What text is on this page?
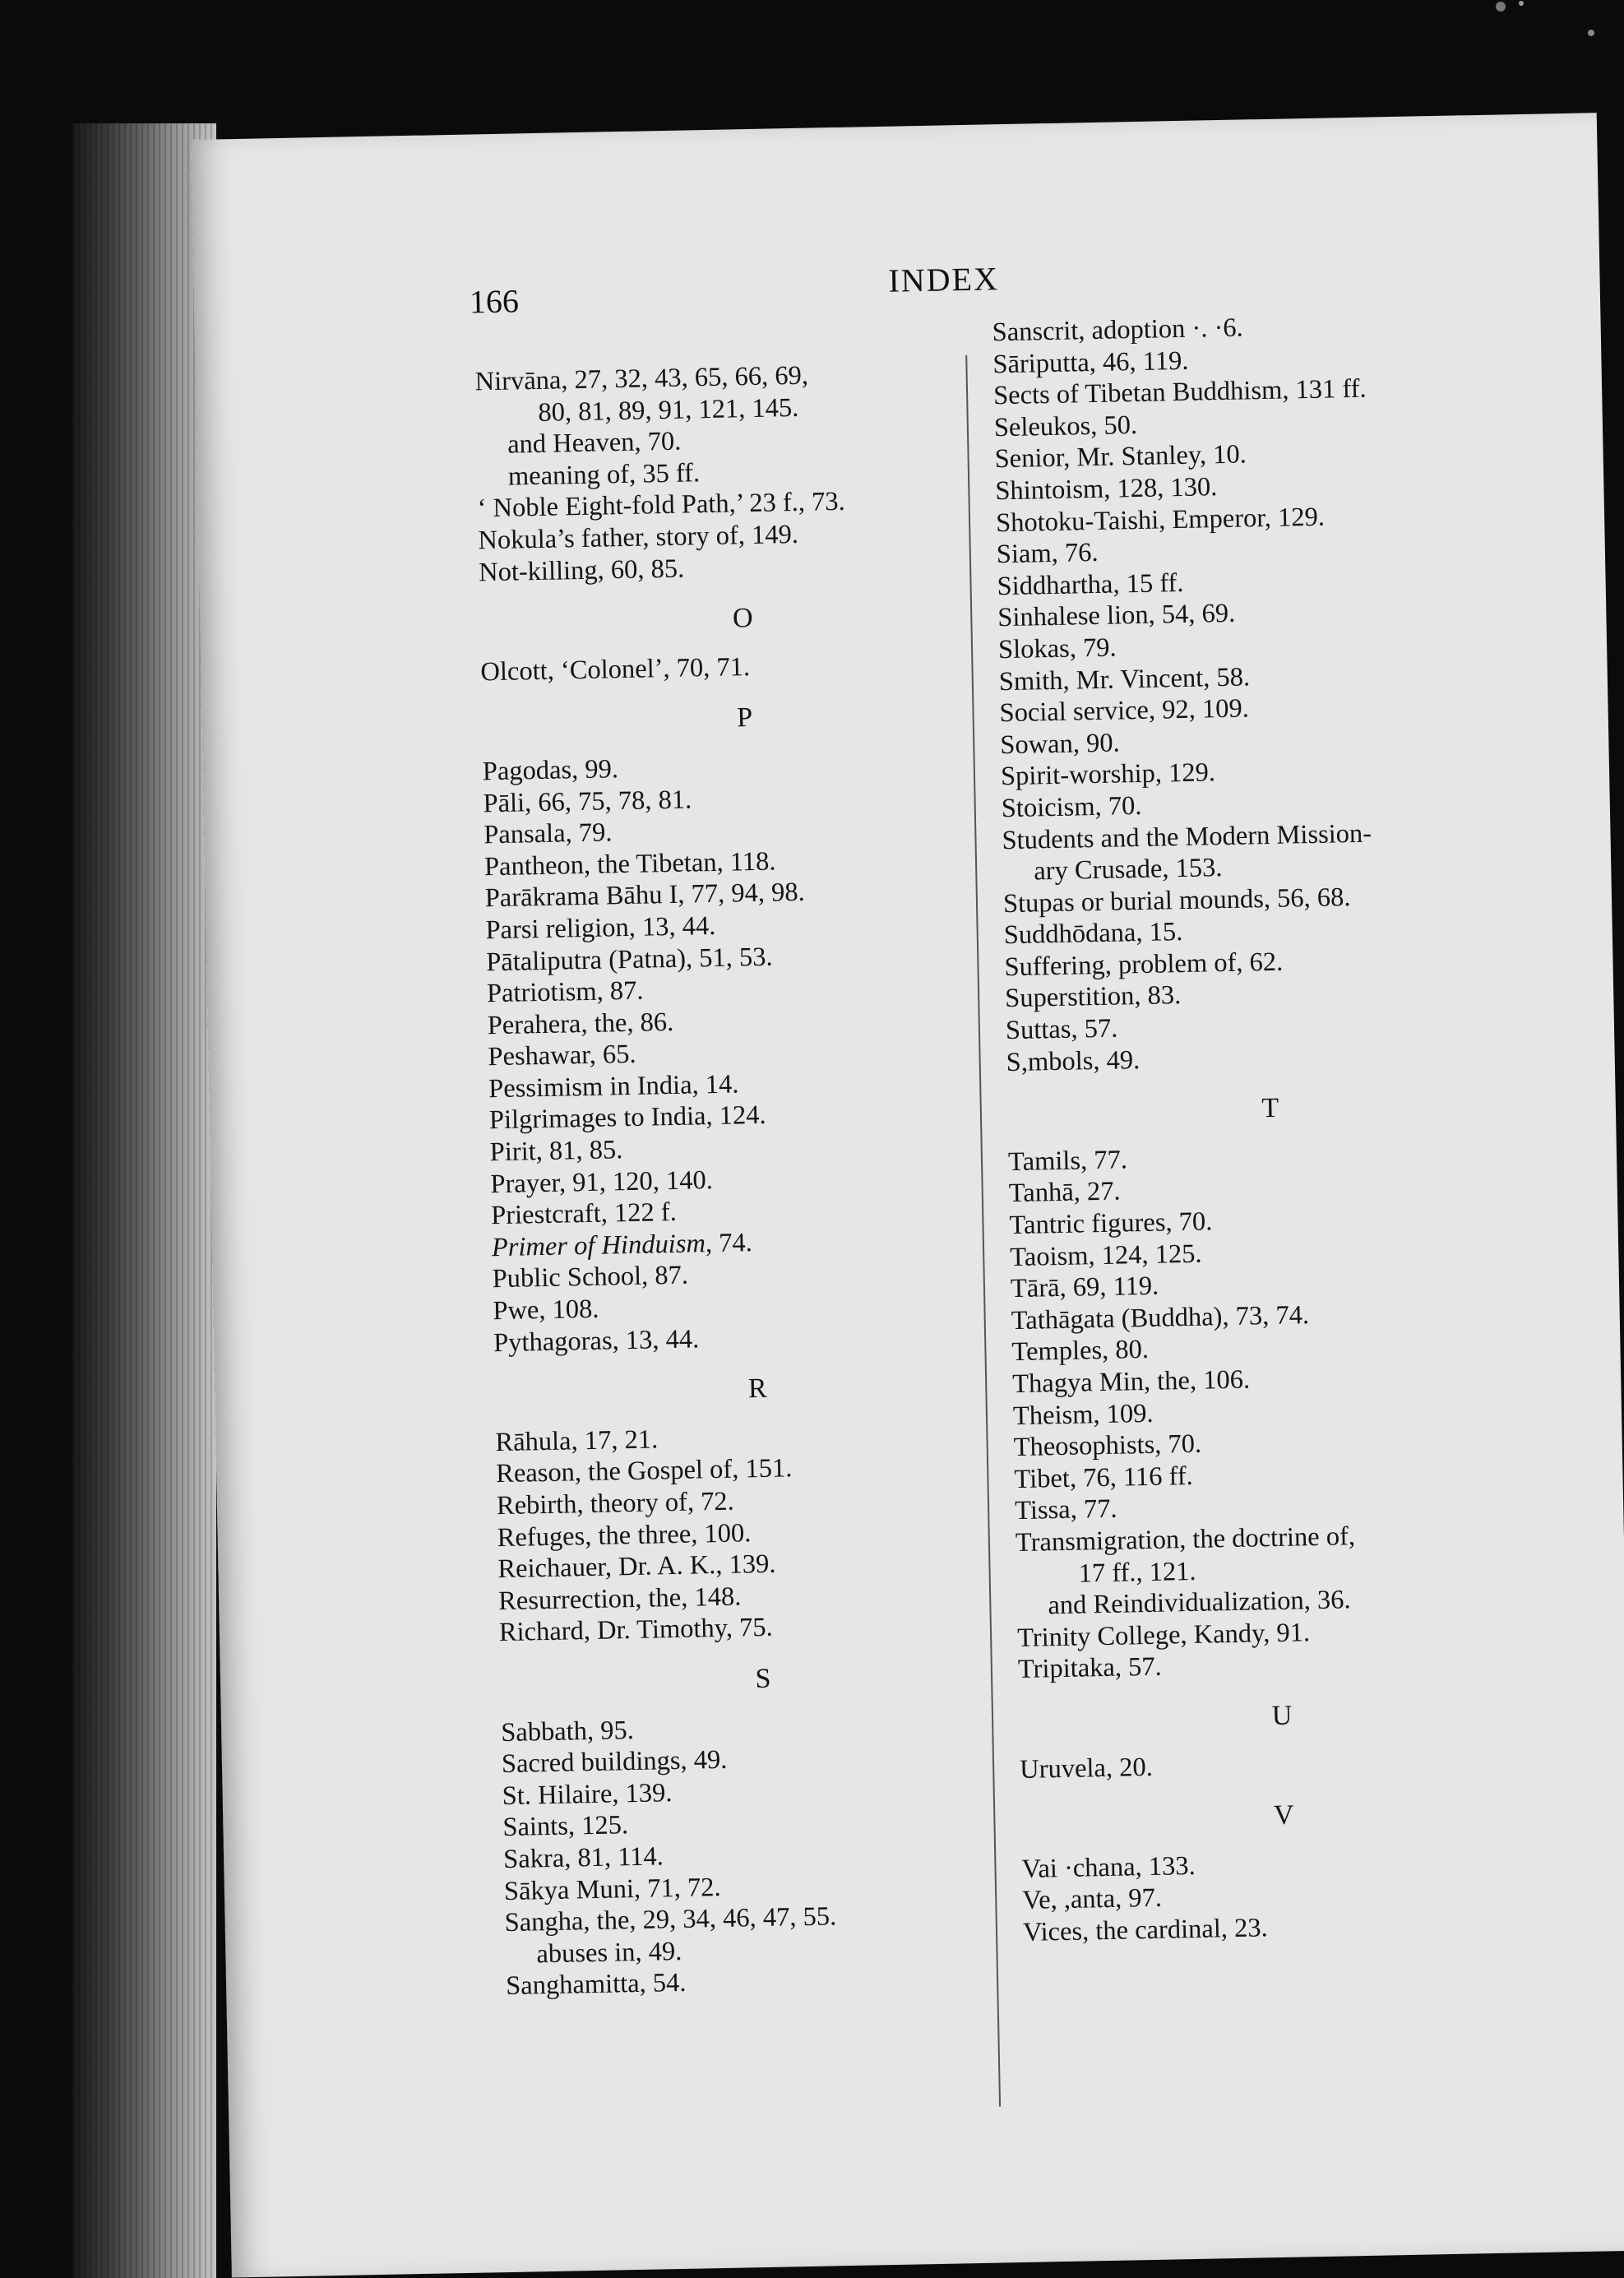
166
INDEX
Nirvāna, 27, 32, 43, 65, 66, 69,
80, 81, 89, 91, 121, 145.
and Heaven, 70.
meaning of, 35 ff.
‘ Noble Eight-fold Path,’ 23 f., 73.
Nokula’s father, story of, 149.
Not-killing, 60, 85.
O
Olcott, ‘Colonel’, 70, 71.
P
Pagodas, 99.
Pāli, 66, 75, 78, 81.
Pansala, 79.
Pantheon, the Tibetan, 118.
Parākrama Bāhu I, 77, 94, 98.
Parsi religion, 13, 44.
Pātaliputra (Patna), 51, 53.
Patriotism, 87.
Perahera, the, 86.
Peshawar, 65.
Pessimism in India, 14.
Pilgrimages to India, 124.
Pirit, 81, 85.
Prayer, 91, 120, 140.
Priestcraft, 122 f.
Primer of Hinduism, 74.
Public School, 87.
Pwe, 108.
Pythagoras, 13, 44.
R
Rāhula, 17, 21.
Reason, the Gospel of, 151.
Rebirth, theory of, 72.
Refuges, the three, 100.
Reichauer, Dr. A. K., 139.
Resurrection, the, 148.
Richard, Dr. Timothy, 75.
S
Sabbath, 95.
Sacred buildings, 49.
St. Hilaire, 139.
Saints, 125.
Sakra, 81, 114.
Sākya Muni, 71, 72.
Sangha, the, 29, 34, 46, 47, 55.
abuses in, 49.
Sanghamitta, 54.
Sanscrit, adoption ·. ·6.
Sāriputta, 46, 119.
Sects of Tibetan Buddhism, 131 ff.
Seleukos, 50.
Senior, Mr. Stanley, 10.
Shintoism, 128, 130.
Shotoku-Taishi, Emperor, 129.
Siam, 76.
Siddhartha, 15 ff.
Sinhalese lion, 54, 69.
Slokas, 79.
Smith, Mr. Vincent, 58.
Social service, 92, 109.
Sowan, 90.
Spirit-worship, 129.
Stoicism, 70.
Students and the Modern Mission-
ary Crusade, 153.
Stupas or burial mounds, 56, 68.
Suddhōdana, 15.
Suffering, problem of, 62.
Superstition, 83.
Suttas, 57.
S,mbols, 49.
T
Tamils, 77.
Tanhā, 27.
Tantric figures, 70.
Taoism, 124, 125.
Tārā, 69, 119.
Tathāgata (Buddha), 73, 74.
Temples, 80.
Thagya Min, the, 106.
Theism, 109.
Theosophists, 70.
Tibet, 76, 116 ff.
Tissa, 77.
Transmigration, the doctrine of,
17 ff., 121.
and Reindividualization, 36.
Trinity College, Kandy, 91.
Tripitaka, 57.
U
Uruvela, 20.
V
Vai ·chana, 133.
Ve, ,anta, 97.
Vices, the cardinal, 23.
